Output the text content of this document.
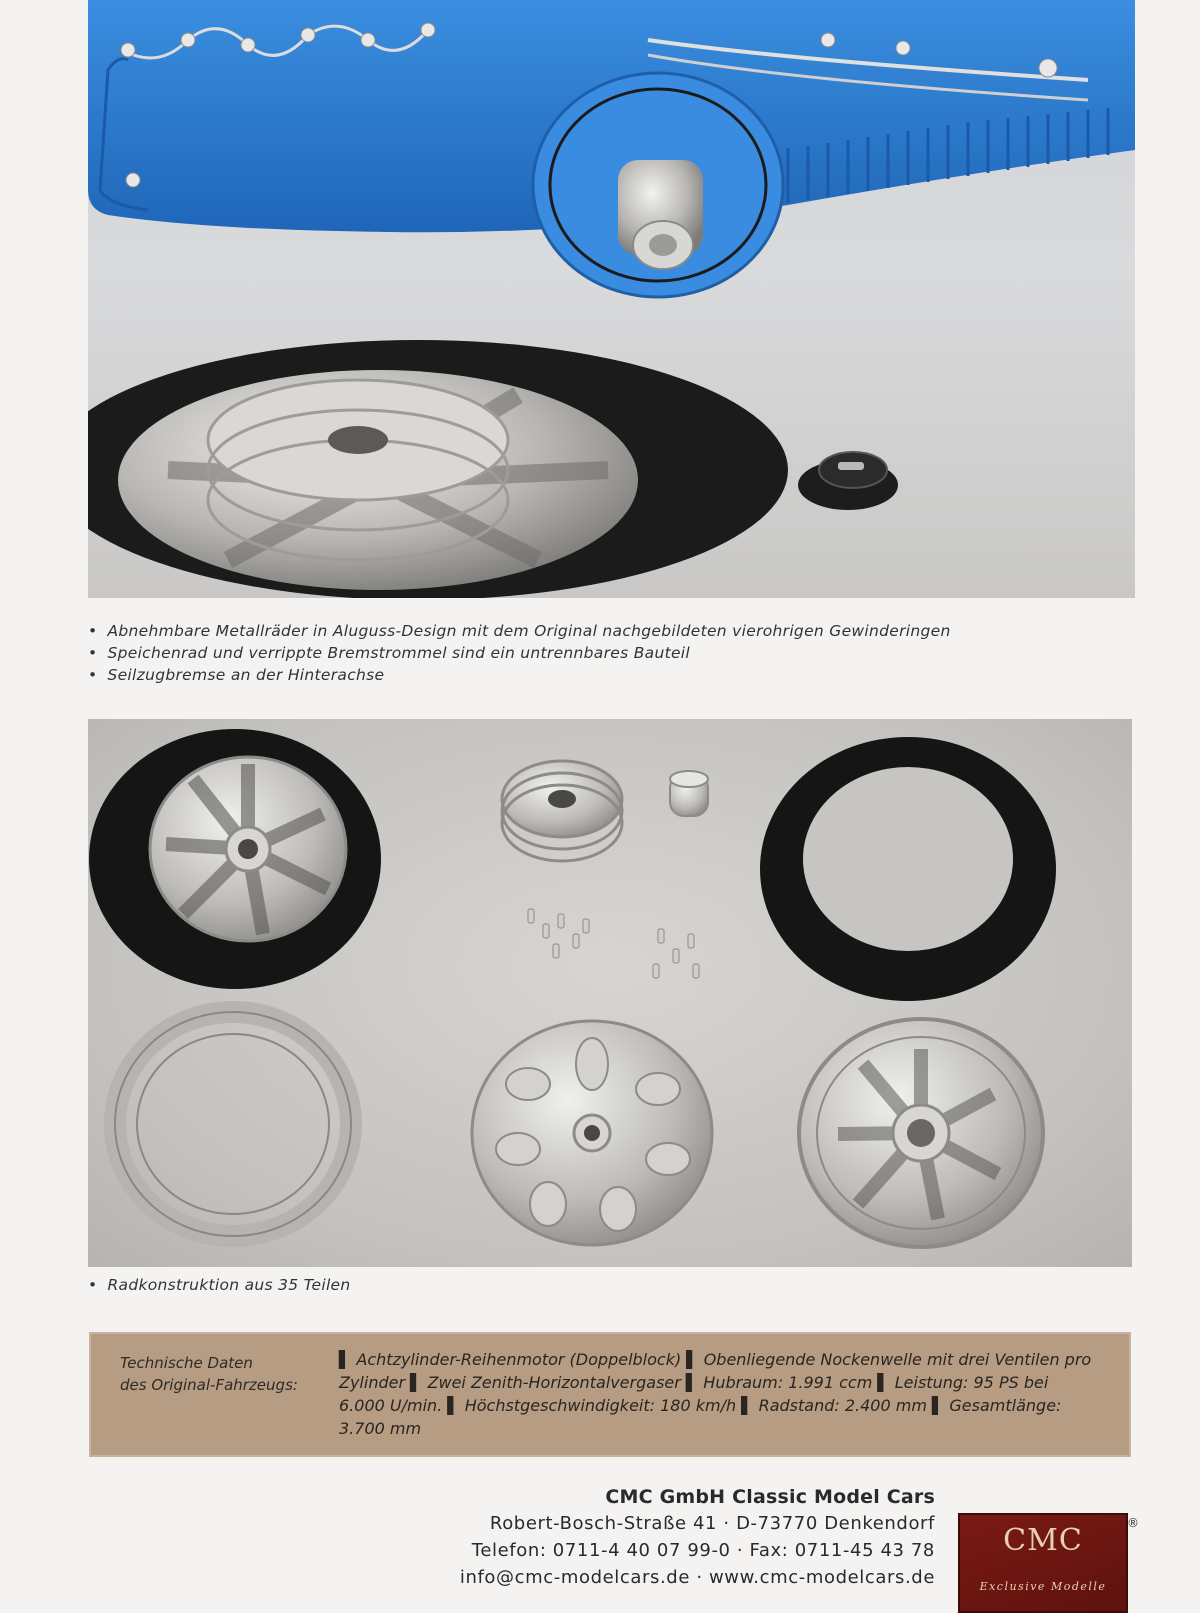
• Abnehmbare Metallräder in Aluguss-Design mit dem Original nachgebildeten vierohrigen Gewinderingen
• Speichenrad und verrippte Bremstrommel sind ein untrennbares Bauteil
• Seilzugbremse an der Hinterachse
• Radkonstruktion aus 35 Teilen
Technische Daten
des Original-Fahrzeugs:
▌ Achtzylinder-Reihenmotor (Doppelblock) ▌ Obenliegende Nockenwelle mit drei Ventilen pro Zylinder ▌ Zwei Zenith-Horizontalvergaser ▌ Hubraum: 1.991 ccm ▌ Leistung: 95 PS bei 6.000 U/min. ▌ Höchstgeschwindigkeit: 180 km/h ▌ Radstand: 2.400 mm ▌ Gesamtlänge: 3.700 mm
CMC GmbH Classic Model Cars
Robert-Bosch-Straße 41 · D-73770 Denkendorf
Telefon: 0711-4 40 07 99-0 · Fax: 0711-45 43 78
info@cmc-modelcars.de · www.cmc-modelcars.de
CMC
Exclusive Modelle
®
